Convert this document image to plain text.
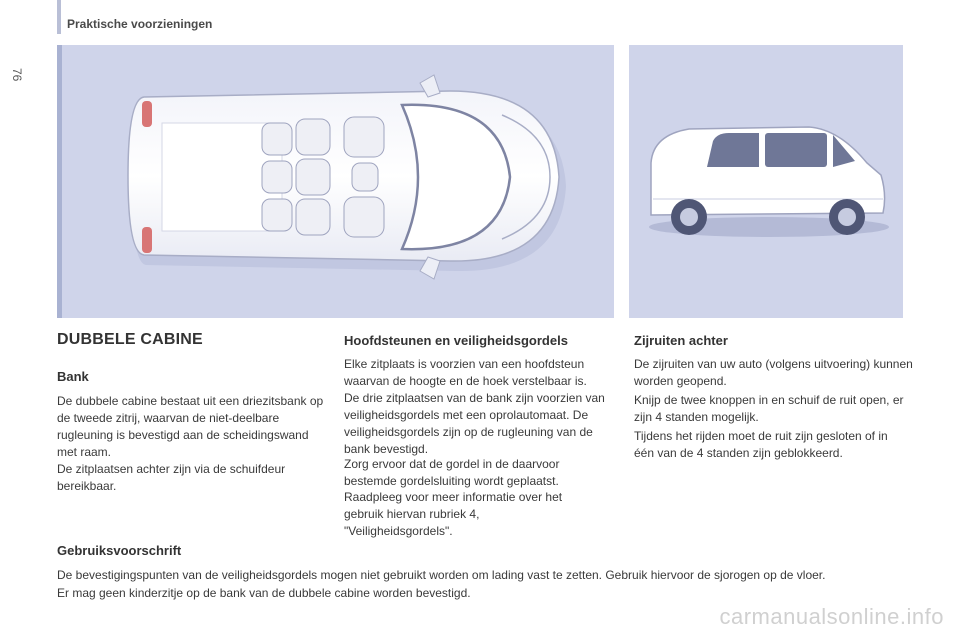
Praktische voorzieningen
76
DUBBELE CABINE
Bank

De dubbele cabine bestaat uit een driezitsbank op de tweede zitrij, waarvan de niet-deelbare rugleuning is bevestigd aan de scheidingswand met raam.

De zitplaatsen achter zijn via de schuifdeur bereikbaar.

Hoofdsteunen en veiligheidsgordels

Elke zitplaats is voorzien van een hoofdsteun waarvan de hoogte en de hoek verstelbaar is.

De drie zitplaatsen van de bank zijn voorzien van veiligheidsgordels met een oprolautomaat. De veiligheidsgordels zijn op de rugleuning van de bank bevestigd.

Zorg ervoor dat de gordel in de daarvoor bestemde gordelsluiting wordt geplaatst.

Raadpleeg voor meer informatie over het gebruik hiervan rubriek 4, "Veiligheidsgordels".

Zijruiten achter

De zijruiten van uw auto (volgens uitvoering) kunnen worden geopend.

Knijp de twee knoppen in en schuif de ruit open, er zijn 4 standen mogelijk.

Tijdens het rijden moet de ruit zijn gesloten of in één van de 4 standen zijn geblokkeerd.

Gebruiksvoorschrift

De bevestigingspunten van de veiligheidsgordels mogen niet gebruikt worden om lading vast te zetten. Gebruik hiervoor de sjorogen op de vloer.

Er mag geen kinderzitje op de bank van de dubbele cabine worden bevestigd.

carmanualsonline.info
